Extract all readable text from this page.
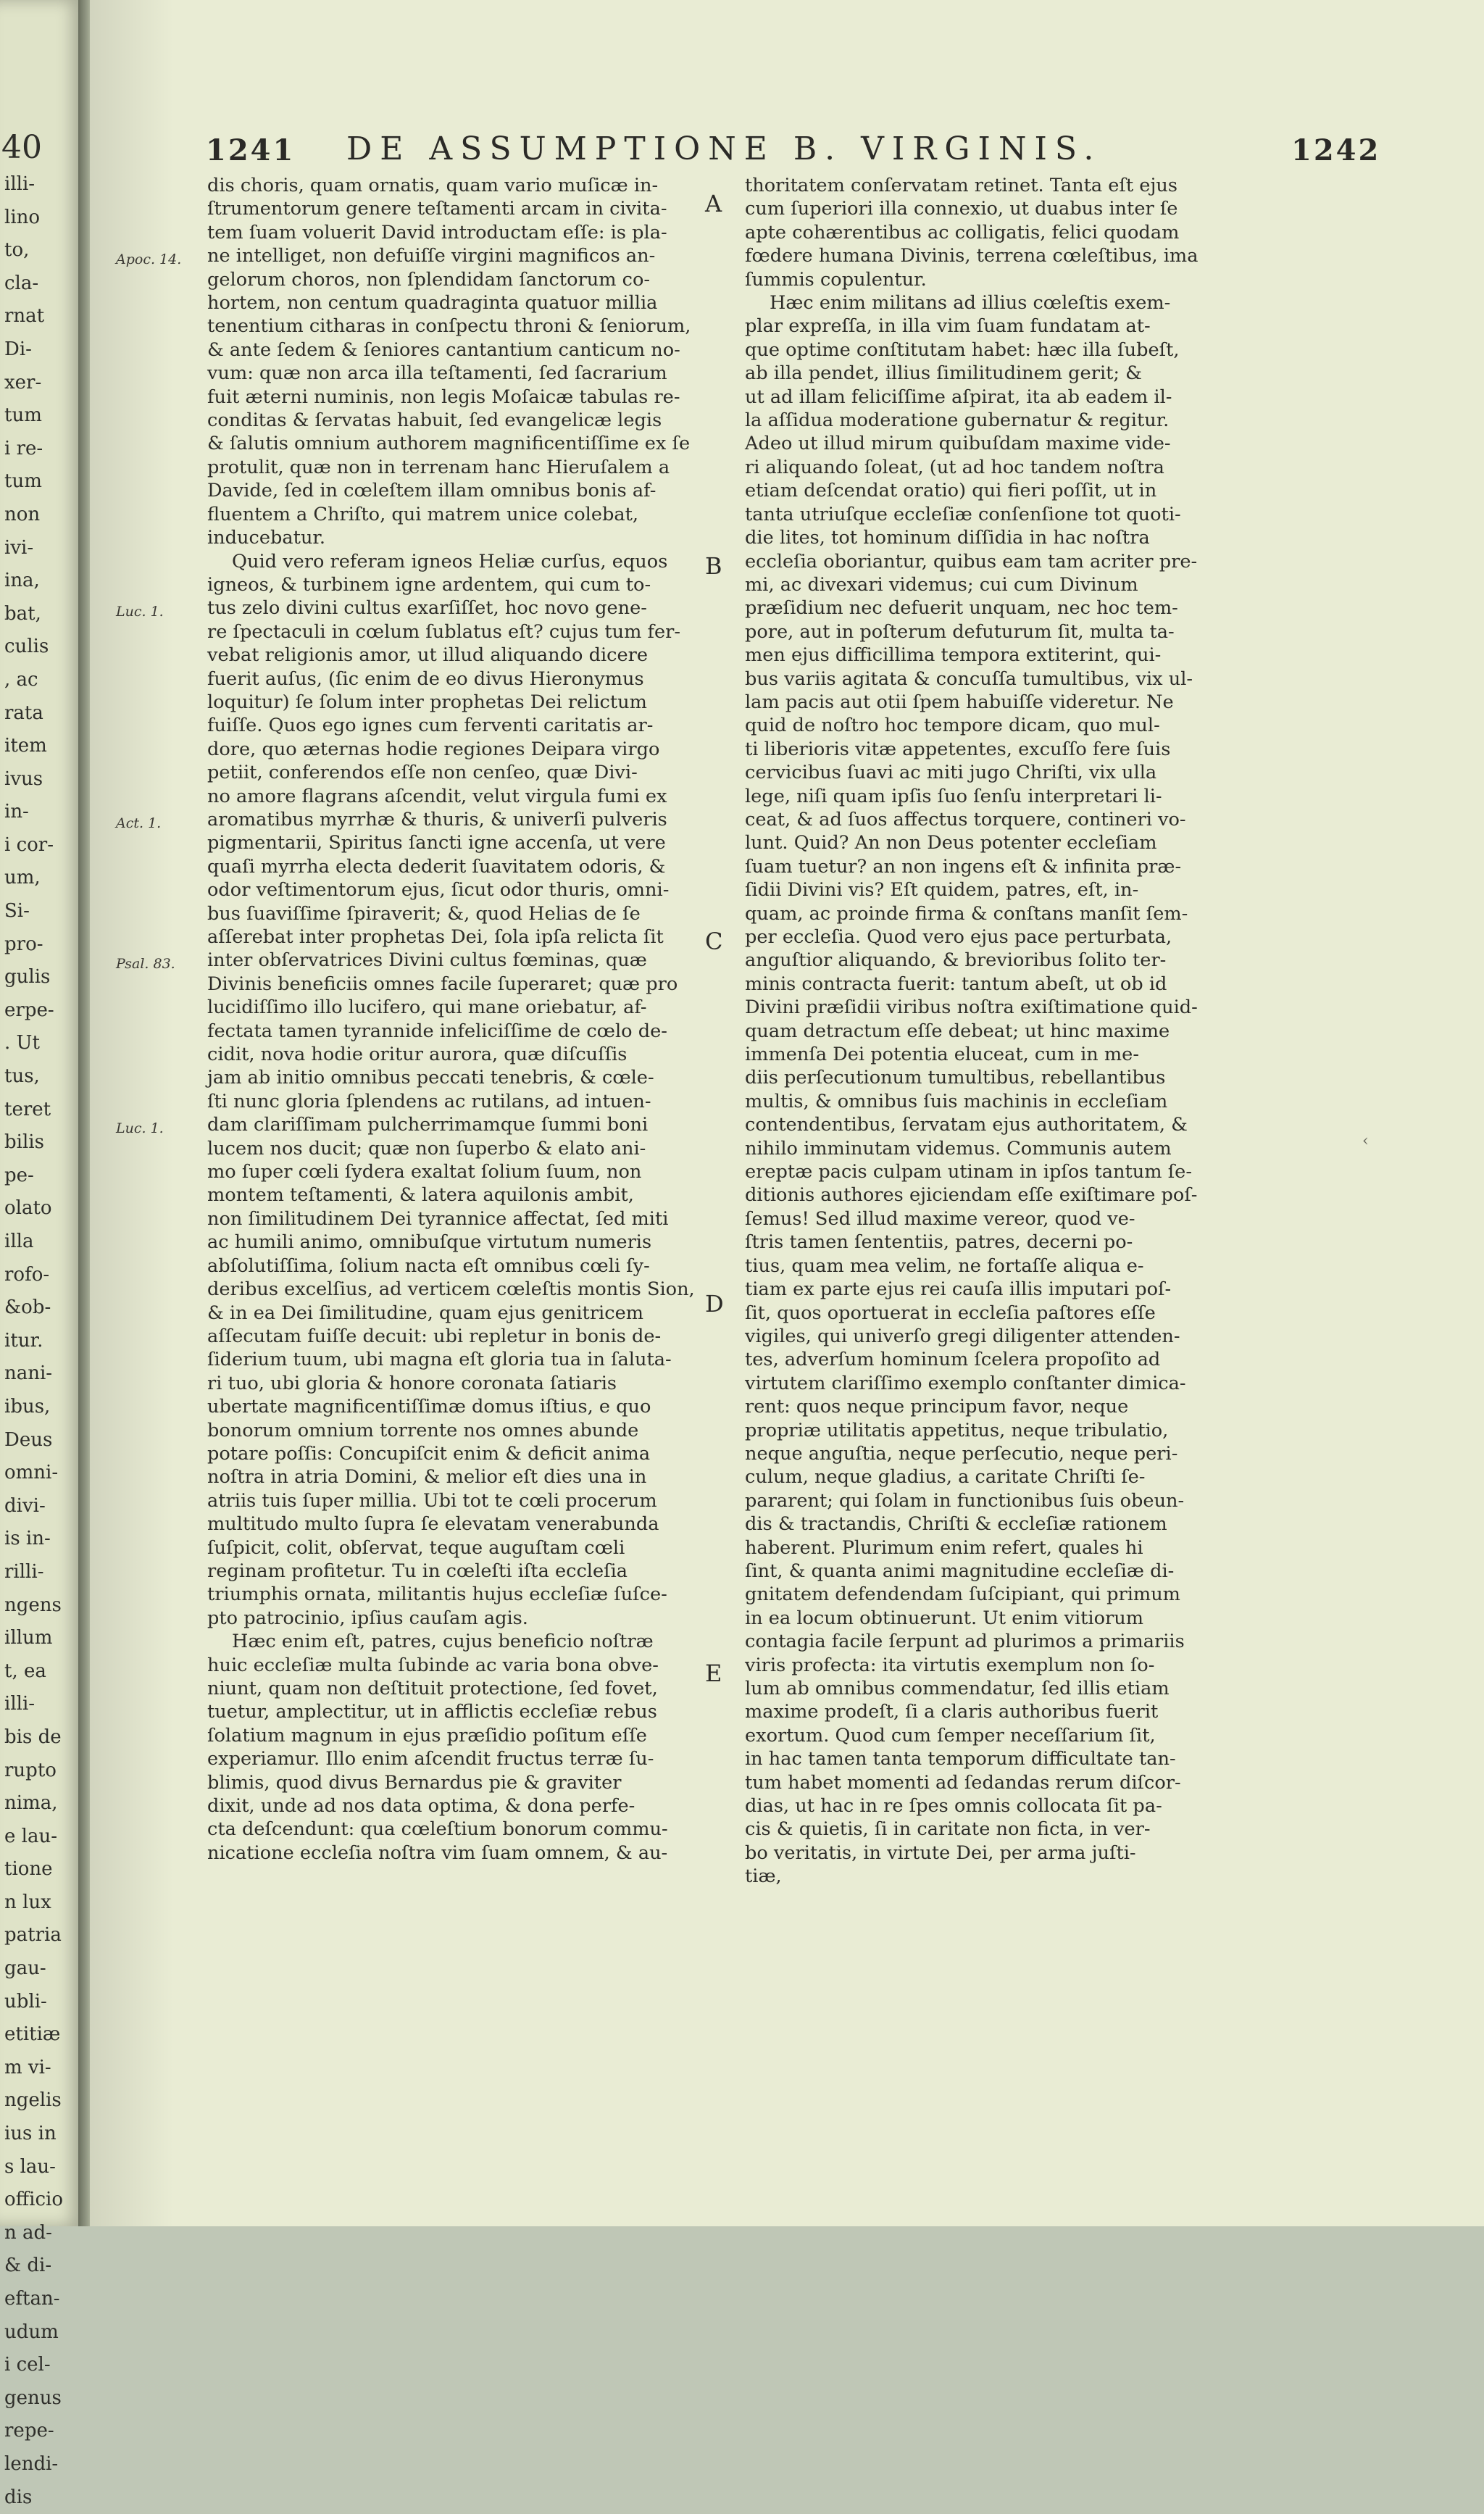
40
illi-
lino
to,
cla-
rnat
Di-
xer-
tum
i re-
tum
non
ivi-
ina,
bat,
culis
, ac
rata
item
ivus
in-
i cor-
um,
Si-
pro-
gulis
erpe-
. Ut
tus,
teret
bilis
pe-
olato
illa
rofo-
&ob-
itur.
nani-
ibus,
Deus
omni-
divi-
is in-
rilli-
ngens
illum
t, ea
illi-
bis de
rupto
nima,
e lau-
tione
n lux
patria
gau-
ubli-
etitiæ
m vi-
ngelis
ius in
s lau-
officio
n ad-
& di-
eftan-
udum
i cel-
genus
repe-
lendi-
dis
1241 DE ASSUMPTIONE B. VIRGINIS.	1242
dis choris, quam ornatis, quam vario muſicæ in-
ſtrumentorum genere teſtamenti arcam in civita-
tem ſuam voluerit David introductam eſſe: is pla-
ne intelliget, non defuiſſe virgini magnificos an-
gelorum choros, non ſplendidam ſanctorum co-
hortem, non centum quadraginta quatuor millia
tenentium citharas in conſpectu throni & ſeniorum,
& ante ſedem & ſeniores cantantium canticum no-
vum: quæ non arca illa teſtamenti, ſed ſacrarium
fuit æterni numinis, non legis Moſaicæ tabulas re-
conditas & ſervatas habuit, ſed evangelicæ legis
& ſalutis omnium authorem magnificentiſſime ex ſe
protulit, quæ non in terrenam hanc Hieruſalem a
Davide, ſed in cœleſtem illam omnibus bonis af-
fluentem a Chriſto, qui matrem unice colebat,
inducebatur.
Quid vero referam igneos Heliæ curſus, equos
igneos, & turbinem igne ardentem, qui cum to-
tus zelo divini cultus exarſiſſet, hoc novo gene-
re ſpectaculi in cœlum ſublatus eſt? cujus tum fer-
vebat religionis amor, ut illud aliquando dicere
fuerit auſus, (ſic enim de eo divus Hieronymus
loquitur) ſe ſolum inter prophetas Dei relictum
fuiſſe. Quos ego ignes cum ferventi caritatis ar-
dore, quo æternas hodie regiones Deipara virgo
petiit, conferendos eſſe non cenſeo, quæ Divi-
no amore flagrans aſcendit, velut virgula fumi ex
aromatibus myrrhæ & thuris, & univerſi pulveris
pigmentarii, Spiritus ſancti igne accenſa, ut vere
quaſi myrrha electa dederit ſuavitatem odoris, &
odor veſtimentorum ejus, ſicut odor thuris, omni-
bus ſuaviſſime ſpiraverit; &, quod Helias de ſe
aſſerebat inter prophetas Dei, ſola ipſa relicta ſit
inter obſervatrices Divini cultus fœminas, quæ
Divinis beneficiis omnes facile ſuperaret; quæ pro
lucidiſſimo illo lucifero, qui mane oriebatur, af-
fectata tamen tyrannide infeliciſſime de cœlo de-
cidit, nova hodie oritur aurora, quæ diſcuſſis
jam ab initio omnibus peccati tenebris, & cœle-
ſti nunc gloria ſplendens ac rutilans, ad intuen-
dam clariſſimam pulcherrimamque ſummi boni
lucem nos ducit; quæ non ſuperbo & elato ani-
mo ſuper cœli ſydera exaltat ſolium ſuum, non
montem teſtamenti, & latera aquilonis ambit,
non ſimilitudinem Dei tyrannice affectat, ſed miti
ac humili animo, omnibuſque virtutum numeris
abſolutiſſima, ſolium nacta eſt omnibus cœli ſy-
deribus excelſius, ad verticem cœleſtis montis Sion,
& in ea Dei ſimilitudine, quam ejus genitricem
aſſecutam fuiſſe decuit: ubi repletur in bonis de-
ſiderium tuum, ubi magna eſt gloria tua in ſaluta-
ri tuo, ubi gloria & honore coronata ſatiaris
ubertate magnificentiſſimæ domus iſtius, e quo
bonorum omnium torrente nos omnes abunde
potare poſſis: Concupiſcit enim & deficit anima
noſtra in atria Domini, & melior eſt dies una in
atriis tuis ſuper millia. Ubi tot te cœli procerum
multitudo multo ſupra ſe elevatam venerabunda
ſuſpicit, colit, obſervat, teque auguſtam cœli
reginam profitetur. Tu in cœleſti iſta eccleſia
triumphis ornata, militantis hujus eccleſiæ ſuſce-
pto patrocinio, ipſius cauſam agis.
Hæc enim eſt, patres, cujus beneficio noſtræ
huic eccleſiæ multa ſubinde ac varia bona obve-
niunt, quam non deſtituit protectione, ſed fovet,
tuetur, amplectitur, ut in afflictis eccleſiæ rebus
ſolatium magnum in ejus præſidio poſitum eſſe
experiamur. Illo enim aſcendit fructus terræ ſu-
blimis, quod divus Bernardus pie & graviter
dixit, unde ad nos data optima, & dona perfe-
cta deſcendunt: qua cœleſtium bonorum commu-
nicatione eccleſia noſtra vim ſuam omnem, & au-
thoritatem conſervatam retinet. Tanta eſt ejus
cum ſuperiori illa connexio, ut duabus inter ſe
apte cohærentibus ac colligatis, felici quodam
fœdere humana Divinis, terrena cœleſtibus, ima
ſummis copulentur.
Hæc enim militans ad illius cœleſtis exem-
plar expreſſa, in illa vim ſuam fundatam at-
que optime conſtitutam habet: hæc illa ſubeſt,
ab illa pendet, illius ſimilitudinem gerit; &
ut ad illam feliciſſime aſpirat, ita ab eadem il-
la aſſidua moderatione gubernatur & regitur.
Adeo ut illud mirum quibuſdam maxime vide-
ri aliquando ſoleat, (ut ad hoc tandem noſtra
etiam deſcendat oratio) qui fieri poſſit, ut in
tanta utriuſque eccleſiæ conſenſione tot quoti-
die lites, tot hominum diſſidia in hac noſtra
eccleſia oboriantur, quibus eam tam acriter pre-
mi, ac divexari videmus; cui cum Divinum
præſidium nec defuerit unquam, nec hoc tem-
pore, aut in poſterum defuturum ſit, multa ta-
men ejus difficillima tempora extiterint, qui-
bus variis agitata & concuſſa tumultibus, vix ul-
lam pacis aut otii ſpem habuiſſe videretur. Ne
quid de noſtro hoc tempore dicam, quo mul-
ti liberioris vitæ appetentes, excuſſo fere ſuis
cervicibus ſuavi ac miti jugo Chriſti, vix ulla
lege, niſi quam ipſis ſuo ſenſu interpretari li-
ceat, & ad ſuos affectus torquere, contineri vo-
lunt. Quid? An non Deus potenter eccleſiam
ſuam tuetur? an non ingens eſt & infinita præ-
ſidii Divini vis? Eſt quidem, patres, eſt, in-
quam, ac proinde firma & conſtans manſit ſem-
per eccleſia. Quod vero ejus pace perturbata,
anguſtior aliquando, & brevioribus ſolito ter-
minis contracta fuerit: tantum abeſt, ut ob id
Divini præſidii viribus noſtra exiſtimatione quid-
quam detractum eſſe debeat; ut hinc maxime
immenſa Dei potentia eluceat, cum in me-
diis perſecutionum tumultibus, rebellantibus
multis, & omnibus ſuis machinis in eccleſiam
contendentibus, ſervatam ejus authoritatem, &
nihilo imminutam videmus. Communis autem
ereptæ pacis culpam utinam in ipſos tantum ſe-
ditionis authores ejiciendam eſſe exiſtimare poſ-
ſemus! Sed illud maxime vereor, quod ve-
ſtris tamen ſententiis, patres, decerni po-
tius, quam mea velim, ne fortaſſe aliqua e-
tiam ex parte ejus rei cauſa illis imputari poſ-
ſit, quos oportuerat in eccleſia paſtores eſſe
vigiles, qui univerſo gregi diligenter attenden-
tes, adverſum hominum ſcelera propoſito ad
virtutem clariſſimo exemplo conſtanter dimica-
rent: quos neque principum favor, neque
propriæ utilitatis appetitus, neque tribulatio,
neque anguſtia, neque perſecutio, neque peri-
culum, neque gladius, a caritate Chriſti ſe-
pararent; qui ſolam in functionibus ſuis obeun-
dis & tractandis, Chriſti & eccleſiæ rationem
haberent. Plurimum enim refert, quales hi
ſint, & quanta animi magnitudine eccleſiæ di-
gnitatem defendendam ſuſcipiant, qui primum
in ea locum obtinuerunt. Ut enim vitiorum
contagia facile ſerpunt ad plurimos a primariis
viris profecta: ita virtutis exemplum non ſo-
lum ab omnibus commendatur, ſed illis etiam
maxime prodeſt, ſi a claris authoribus fuerit
exortum. Quod cum ſemper neceſſarium ſit,
in hac tamen tanta temporum difficultate tan-
tum habet momenti ad ſedandas rerum diſcor-
dias, ut hac in re ſpes omnis collocata ſit pa-
cis & quietis, ſi in caritate non ficta, in ver-
bo veritatis, in virtute Dei, per arma juſti-
tiæ,
Apoc. 14.
Luc. 1.
Act. 1.
Psal. 83.
Luc. 1.
A
B
C
D
E
‹
